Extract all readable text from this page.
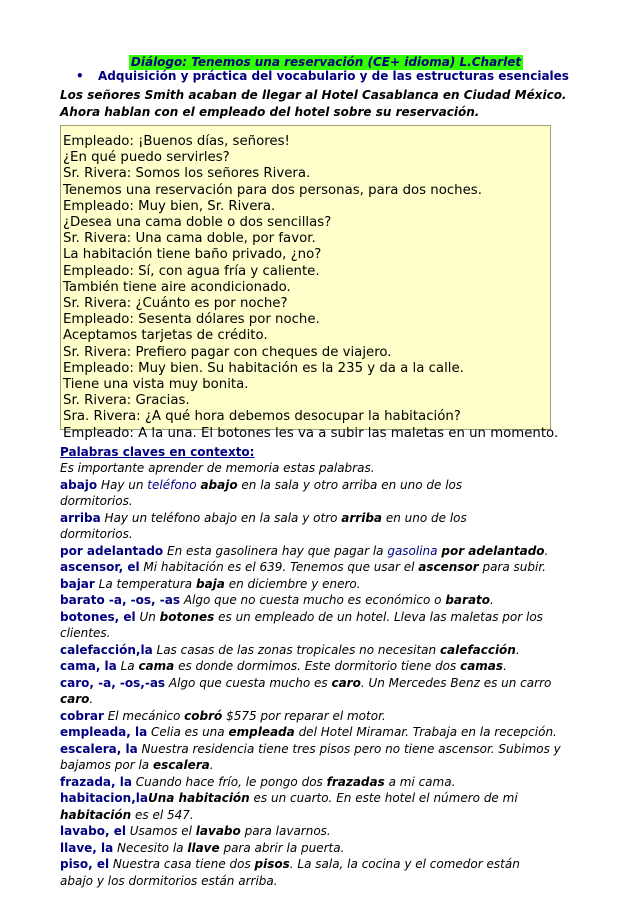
Diálogo: Tenemos una reservación (CE+ idioma) L.Charlet
• Adquisición y práctica del vocabulario y de las estructuras esenciales
Los señores Smith acaban de llegar al Hotel Casablanca en Ciudad México.
Ahora hablan con el empleado del hotel sobre su reservación.
Empleado: ¡Buenos días, señores!
¿En qué puedo servirles?
Sr. Rivera: Somos los señores Rivera.
Tenemos una reservación para dos personas, para dos noches.
Empleado: Muy bien, Sr. Rivera.
¿Desea una cama doble o dos sencillas?
Sr. Rivera: Una cama doble, por favor.
La habitación tiene baño privado, ¿no?
Empleado: Sí, con agua fría y caliente.
También tiene aire acondicionado.
Sr. Rivera: ¿Cuánto es por noche?
Empleado: Sesenta dólares por noche.
Aceptamos tarjetas de crédito.
Sr. Rivera: Prefiero pagar con cheques de viajero.
Empleado: Muy bien. Su habitación es la 235 y da a la calle.
Tiene una vista muy bonita.
Sr. Rivera: Gracias.
Sra. Rivera: ¿A qué hora debemos desocupar la habitación?
Empleado: A la una. El botones les va a subir las maletas en un momento.
Palabras claves en contexto:
Es importante aprender de memoria estas palabras.
abajo Hay un teléfono abajo en la sala y otro arriba en uno de los
dormitorios.
arriba Hay un teléfono abajo en la sala y otro arriba en uno de los
dormitorios.
por adelantado En esta gasolinera hay que pagar la gasolina por adelantado.
ascensor, el Mi habitación es el 639. Tenemos que usar el ascensor para subir.
bajar La temperatura baja en diciembre y enero.
barato -a, -os, -as Algo que no cuesta mucho es económico o barato.
botones, el Un botones es un empleado de un hotel. Lleva las maletas por los
clientes.
calefacción,la Las casas de las zonas tropicales no necesitan calefacción.
cama, la La cama es donde dormimos. Este dormitorio tiene dos camas.
caro, -a, -os,-as Algo que cuesta mucho es caro. Un Mercedes Benz es un carro
caro.
cobrar El mecánico cobró $575 por reparar el motor.
empleada, la Celia es una empleada del Hotel Miramar. Trabaja en la recepción.
escalera, la Nuestra residencia tiene tres pisos pero no tiene ascensor. Subimos y
bajamos por la escalera.
frazada, la Cuando hace frío, le pongo dos frazadas a mi cama.
habitacion,laUna habitación es un cuarto. En este hotel el número de mi
habitación es el 547.
lavabo, el Usamos el lavabo para lavarnos.
llave, la Necesito la llave para abrir la puerta.
piso, el Nuestra casa tiene dos pisos. La sala, la cocina y el comedor están
abajo y los dormitorios están arriba.
